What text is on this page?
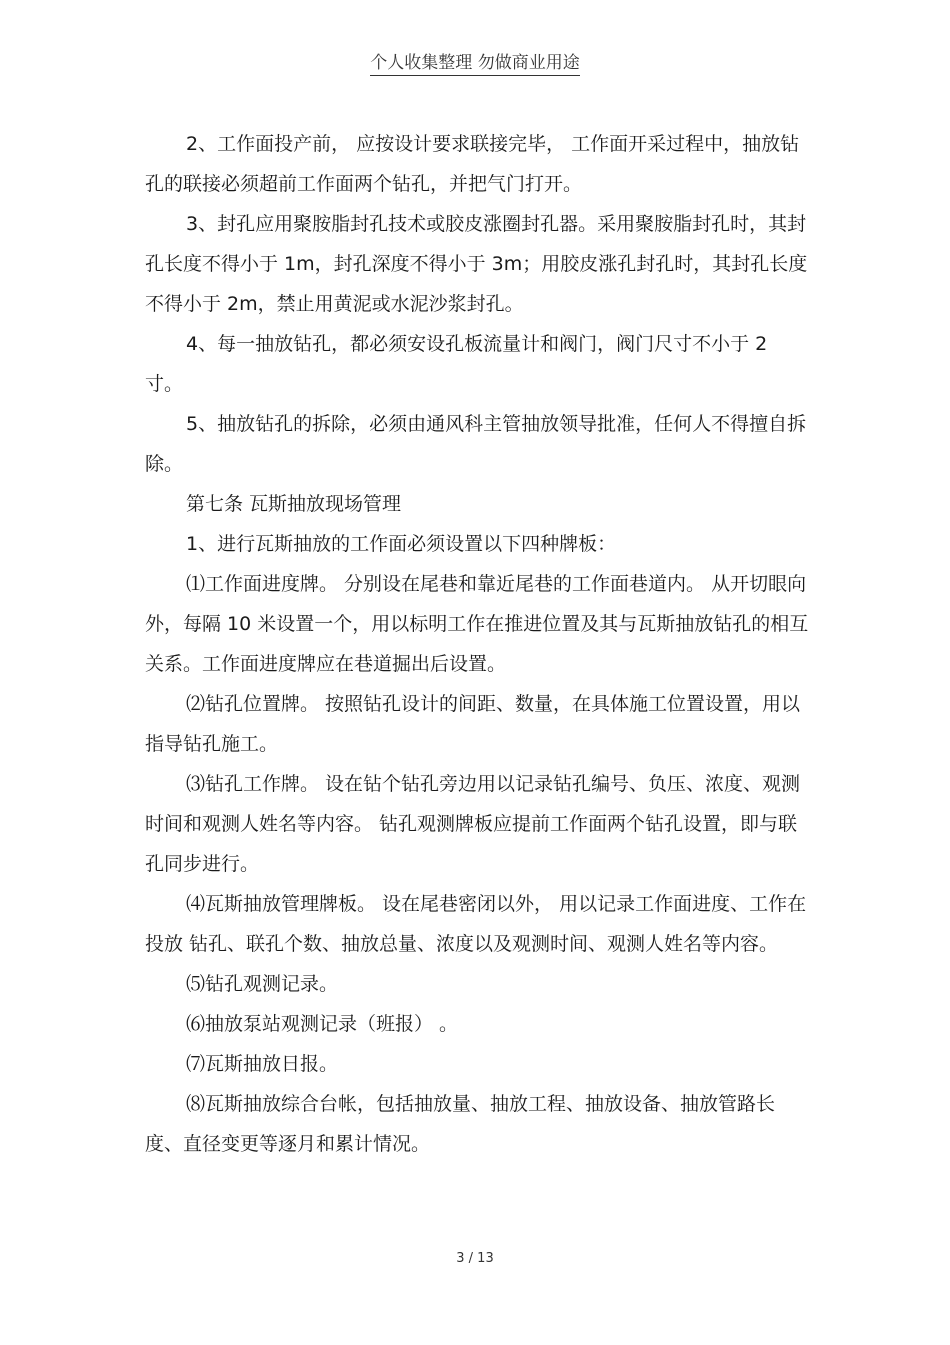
个人收集整理 勿做商业用途

2、工作面投产前， 应按设计要求联接完毕， 工作面开采过程中，抽放钻孔的联接必须超前工作面两个钻孔，并把气门打开。

3、封孔应用聚胺脂封孔技术或胶皮涨圈封孔器。采用聚胺脂封孔时，其封孔长度不得小于 1m，封孔深度不得小于 3m；用胶皮涨孔封孔时，其封孔长度不得小于 2m，禁止用黄泥或水泥沙浆封孔。

4、每一抽放钻孔，都必须安设孔板流量计和阀门，阀门尺寸不小于 2 寸。

5、抽放钻孔的拆除，必须由通风科主管抽放领导批准，任何人不得擅自拆除。

第七条 瓦斯抽放现场管理

1、进行瓦斯抽放的工作面必须设置以下四种牌板：

⑴工作面进度牌。 分别设在尾巷和靠近尾巷的工作面巷道内。 从开切眼向外，每隔 10 米设置一个，用以标明工作在推进位置及其与瓦斯抽放钻孔的相互关系。工作面进度牌应在巷道掘出后设置。

⑵钻孔位置牌。 按照钻孔设计的间距、数量，在具体施工位置设置，用以指导钻孔施工。

⑶钻孔工作牌。 设在钻个钻孔旁边用以记录钻孔编号、负压、浓度、观测时间和观测人姓名等内容。 钻孔观测牌板应提前工作面两个钻孔设置，即与联孔同步进行。

⑷瓦斯抽放管理牌板。 设在尾巷密闭以外， 用以记录工作面进度、工作在投放 钻孔、联孔个数、抽放总量、浓度以及观测时间、观测人姓名等内容。

⑸钻孔观测记录。

⑹抽放泵站观测记录（班报） 。

⑺瓦斯抽放日报。

⑻瓦斯抽放综合台帐，包括抽放量、抽放工程、抽放设备、抽放管路长度、直径变更等逐月和累计情况。

3 / 13
